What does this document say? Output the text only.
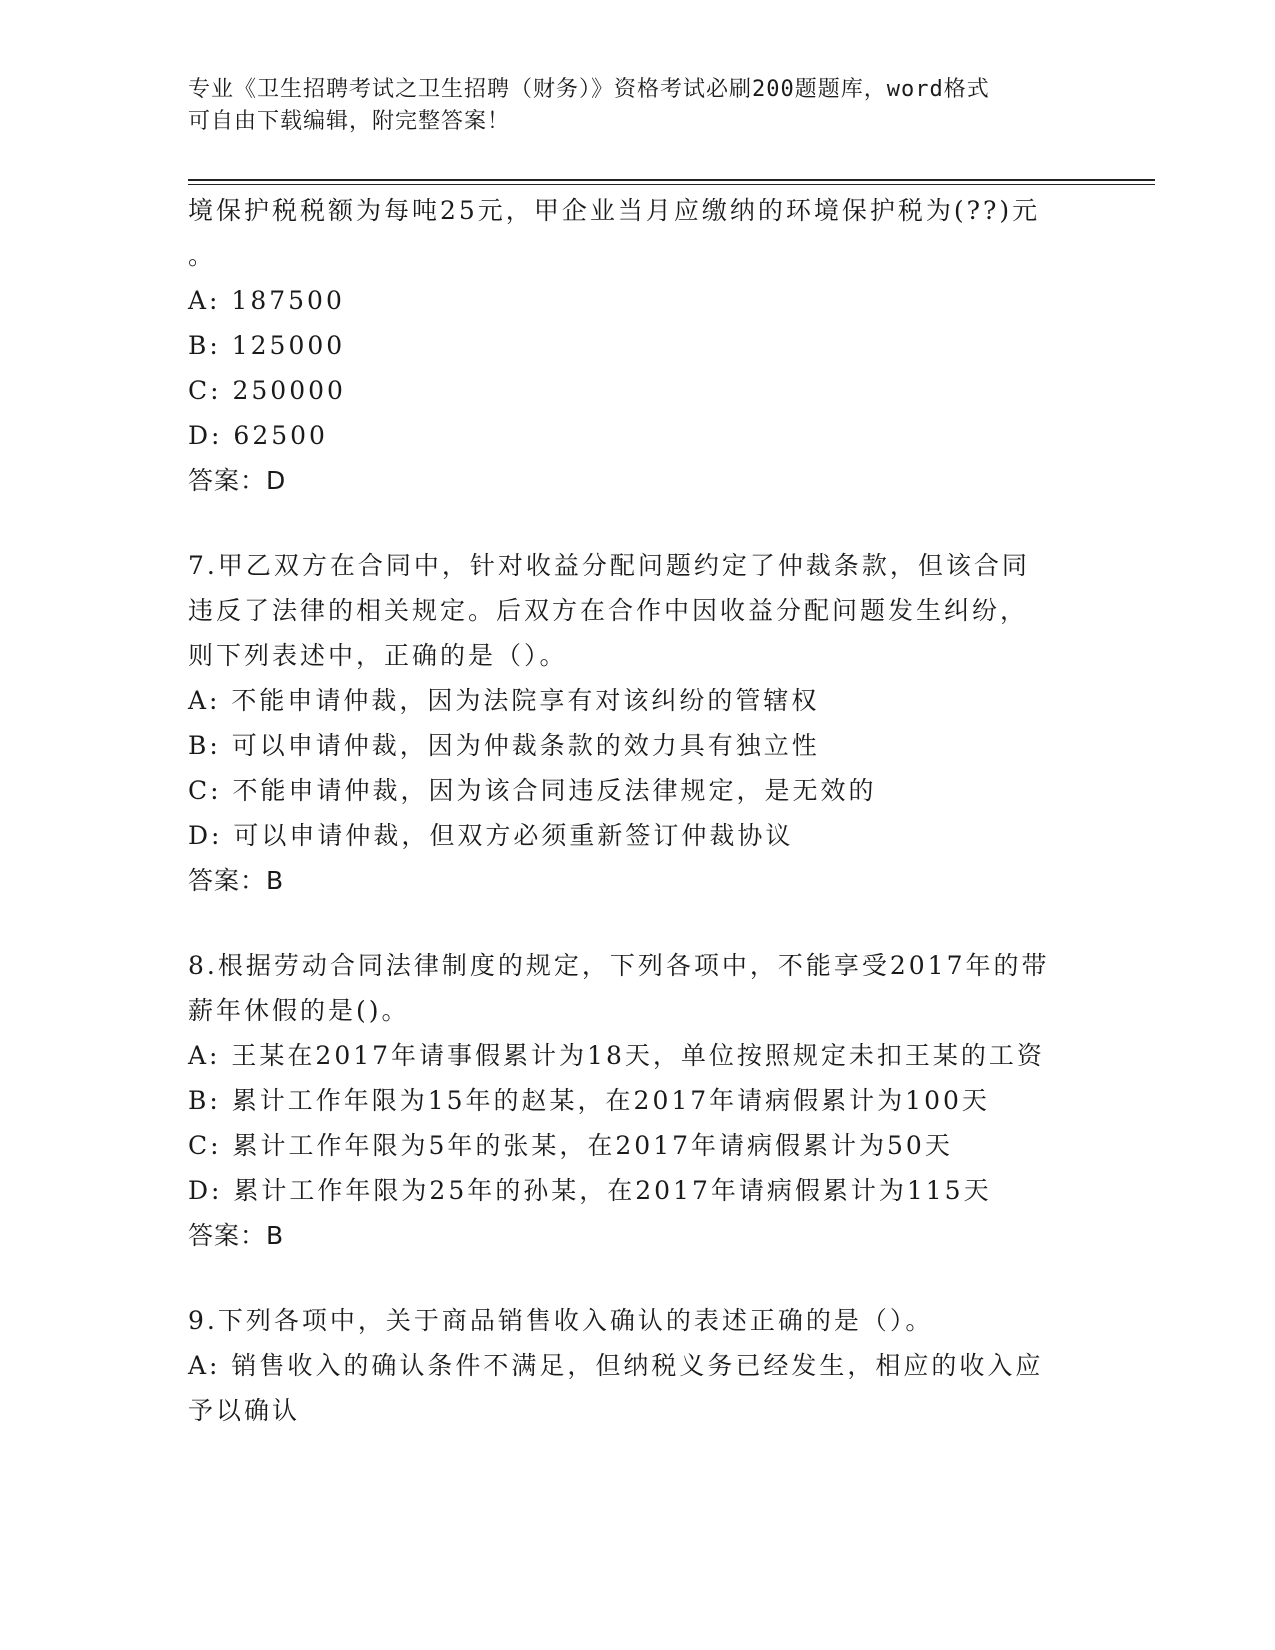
专业《卫生招聘考试之卫生招聘（财务）》资格考试必刷200题题库，word格式
可自由下载编辑，附完整答案！
境保护税税额为每吨25元，甲企业当月应缴纳的环境保护税为(??)元
。
A: 187500
B: 125000
C: 250000
D: 62500
答案：D
7.甲乙双方在合同中，针对收益分配问题约定了仲裁条款，但该合同
违反了法律的相关规定。后双方在合作中因收益分配问题发生纠纷，
则下列表述中，正确的是（）。
A: 不能申请仲裁，因为法院享有对该纠纷的管辖权
B: 可以申请仲裁，因为仲裁条款的效力具有独立性
C: 不能申请仲裁，因为该合同违反法律规定，是无效的
D: 可以申请仲裁，但双方必须重新签订仲裁协议
答案：B
8.根据劳动合同法律制度的规定，下列各项中，不能享受2017年的带
薪年休假的是()。
A: 王某在2017年请事假累计为18天，单位按照规定未扣王某的工资
B: 累计工作年限为15年的赵某，在2017年请病假累计为100天
C: 累计工作年限为5年的张某，在2017年请病假累计为50天
D: 累计工作年限为25年的孙某，在2017年请病假累计为115天
答案：B
9.下列各项中，关于商品销售收入确认的表述正确的是（）。
A: 销售收入的确认条件不满足，但纳税义务已经发生，相应的收入应
予以确认
